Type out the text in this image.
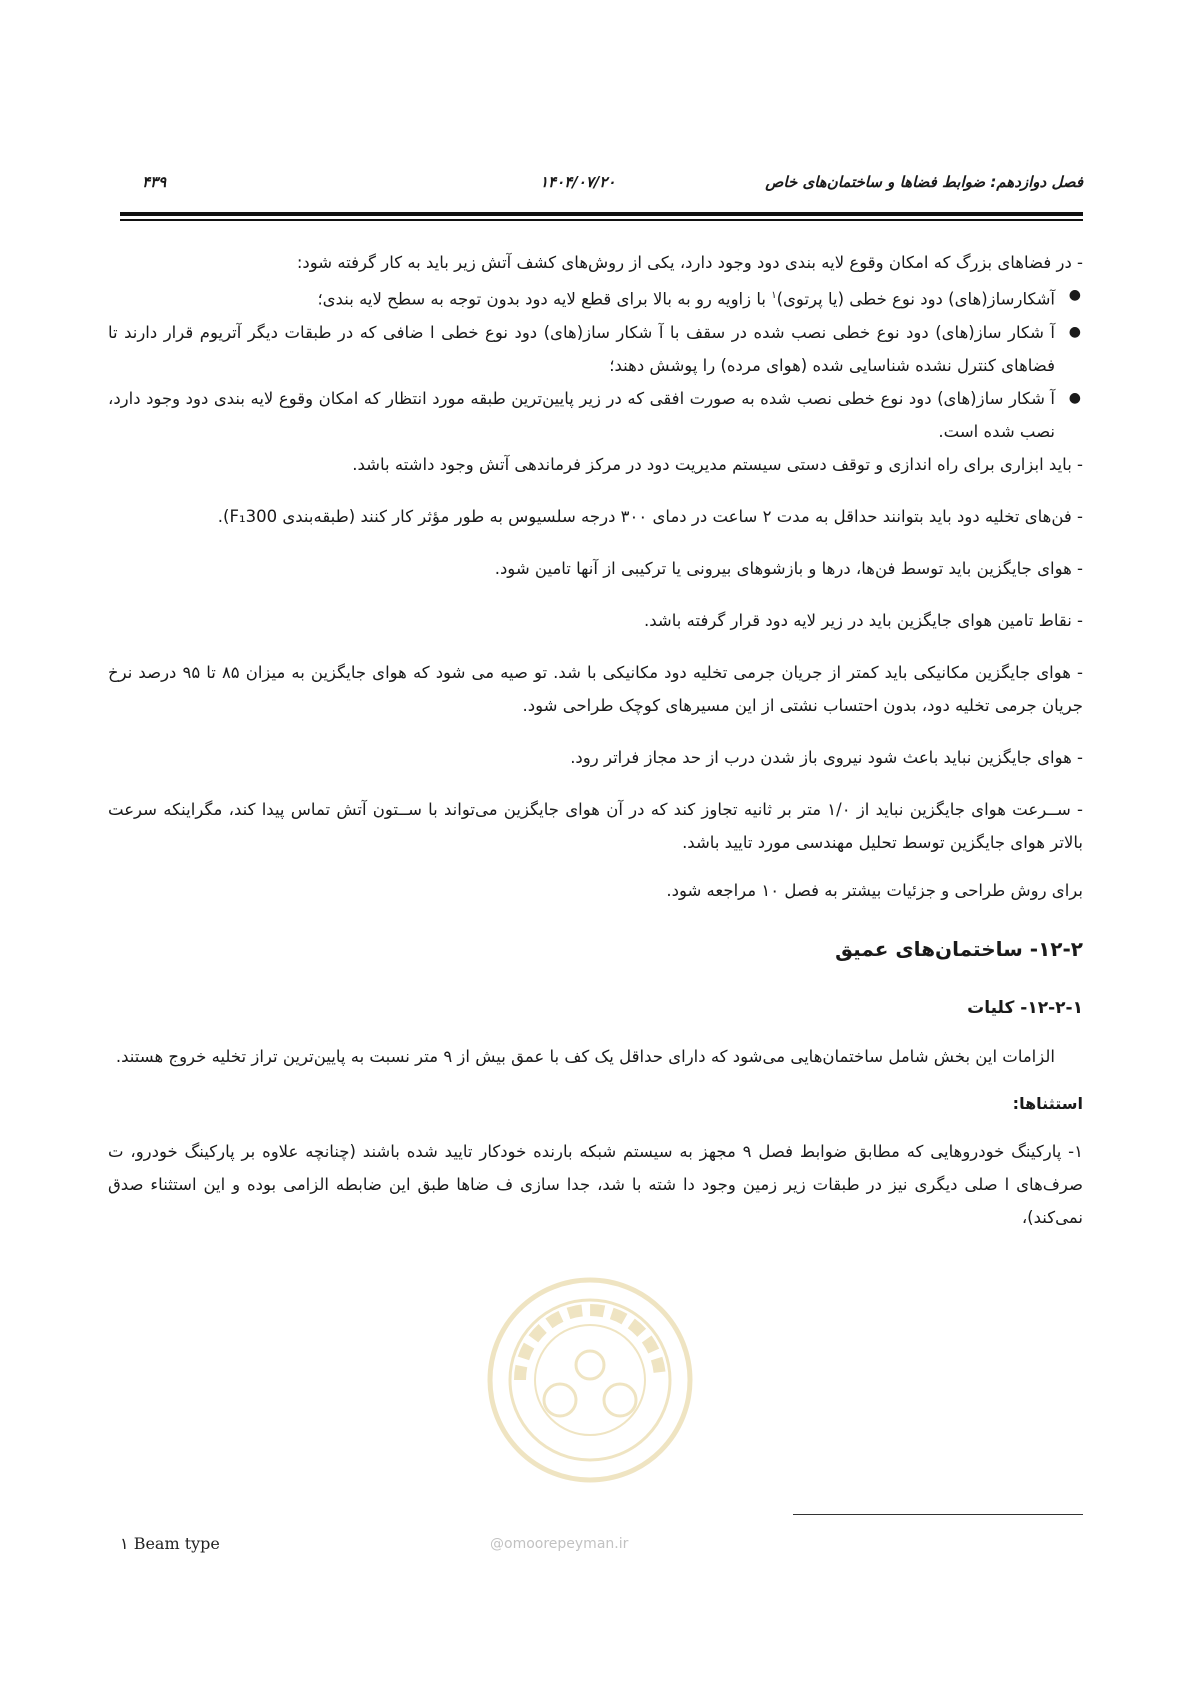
فصل دوازدهم: ضوابط فضاها و ساختمان‌های خاص
۱۴۰۴/۰۷/۲۰
۴۳۹
@omoorepeyman.ir

- در فضاهای بزرگ که امکان وقوع لایه بندی دود وجود دارد، یکی از روش‌های کشف آتش زیر باید به کار گرفته شود:

●
آشکارساز(های) دود نوع خطی (یا پرتوی)$^۱$ با زاویه رو به بالا برای قطع لایه دود بدون توجه به سطح لایه بندی؛
●
آ شکار ساز(های) دود نوع خطی نصب شده در سقف با آ شکار ساز(های) دود نوع خطی ا ضافی که در طبقات دیگر آتریوم قرار دارند تا فضاهای کنترل نشده شناسایی شده (هوای مرده) را پوشش دهند؛
●
آ شکار ساز(های) دود نوع خطی نصب شده به صورت افقی که در زیر پایین‌ترین طبقه مورد انتظار که امکان وقوع لایه بندی دود وجود دارد، نصب شده است.

- باید ابزاری برای راه اندازی و توقف دستی سیستم مدیریت دود در مرکز فرماندهی آتش وجود داشته باشد.

- فن‌های تخلیه دود باید بتوانند حداقل به مدت ۲ ساعت در دمای ۳۰۰ درجه سلسیوس به طور مؤثر کار کنند (طبقه‌بندی F₁300).

- هوای جایگزین باید توسط فن‌ها، درها و بازشوهای بیرونی یا ترکیبی از آنها تامین شود.

- نقاط تامین هوای جایگزین باید در زیر لایه دود قرار گرفته باشد.

- هوای جایگزین مکانیکی باید کمتر از جریان جرمی تخلیه دود مکانیکی با شد. تو صیه می شود که هوای جایگزین به میزان ۸۵ تا ۹۵ درصد نرخ جریان جرمی تخلیه دود، بدون احتساب نشتی از این مسیرهای کوچک طراحی شود.

- هوای جایگزین نباید باعث شود نیروی باز شدن درب از حد مجاز فراتر رود.

- ســرعت هوای جایگزین نباید از ۱/۰ متر بر ثانیه تجاوز کند که در آن هوای جایگزین می‌تواند با ســتون آتش تماس پیدا کند، مگراینکه سرعت بالاتر هوای جایگزین توسط تحلیل مهندسی مورد تایید باشد.

برای روش طراحی و جزئیات بیشتر به فصل ۱۰ مراجعه شود.

۱۲-۲- ساختمان‌های عمیق

۱۲-۲-۱- کلیات

الزامات این بخش شامل ساختمان‌هایی می‌شود که دارای حداقل یک کف با عمق بیش از ۹ متر نسبت به پایین‌ترین تراز تخلیه خروج هستند.

استثناها:

۱- پارکینگ خودروهایی که مطابق ضوابط فصل ۹ مجهز به سیستم شبکه بارنده خودکار تایید شده باشند (چنانچه علاوه بر پارکینگ خودرو، ت صرف‌های ا صلی دیگری نیز در طبقات زیر زمین وجود دا شته با شد، جدا سازی ف ضاها طبق این ضابطه الزامی بوده و این استثناء صدق نمی‌کند)،

١ Beam type
